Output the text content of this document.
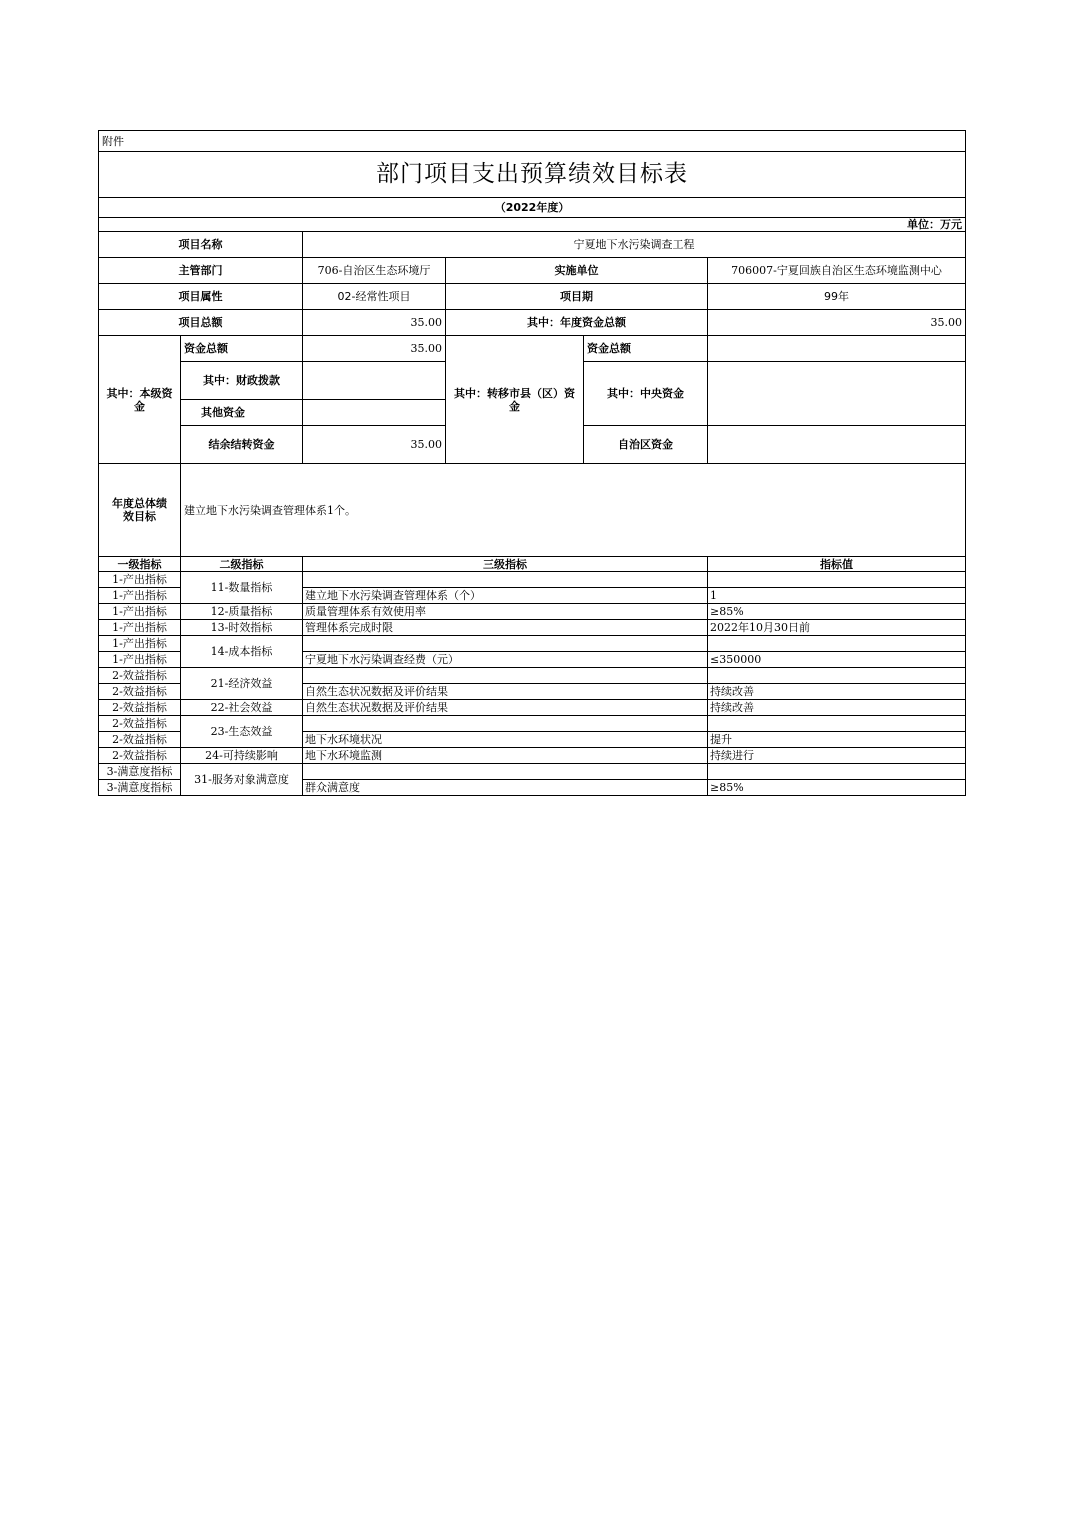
附件					
部门项目支出预算绩效目标表					
（2022年度）					
单位：万元					
项目名称		宁夏地下水污染调查工程			
主管部门		706-自治区生态环境厅	实施单位		706007-宁夏回族自治区生态环境监测中心
项目属性		02-经常性项目	项目期		99年
项目总额		35.00	其中：年度资金总额		35.00
其中：本级资金	资金总额	35.00	其中：转移市县（区）资金	资金总额	
	其中：财政拨款			其中：中央资金	
	其他资金				
	结余结转资金	35.00		自治区资金	
年度总体绩效目标	建立地下水污染调查管理体系1个。				
一级指标	二级指标	三级指标			指标值
1-产出指标	11-数量指标				
1-产出指标		建立地下水污染调查管理体系（个）			1
1-产出指标	12-质量指标	质量管理体系有效使用率			≥85%
1-产出指标	13-时效指标	管理体系完成时限			2022年10月30日前
1-产出指标	14-成本指标				
1-产出指标		宁夏地下水污染调查经费（元）			≤350000
2-效益指标	21-经济效益				
2-效益指标		自然生态状况数据及评价结果			持续改善
2-效益指标	22-社会效益	自然生态状况数据及评价结果			持续改善
2-效益指标	23-生态效益				
2-效益指标		地下水环境状况			提升
2-效益指标	24-可持续影响	地下水环境监测			持续进行
3-满意度指标	31-服务对象满意度				
3-满意度指标		群众满意度			≥85%
